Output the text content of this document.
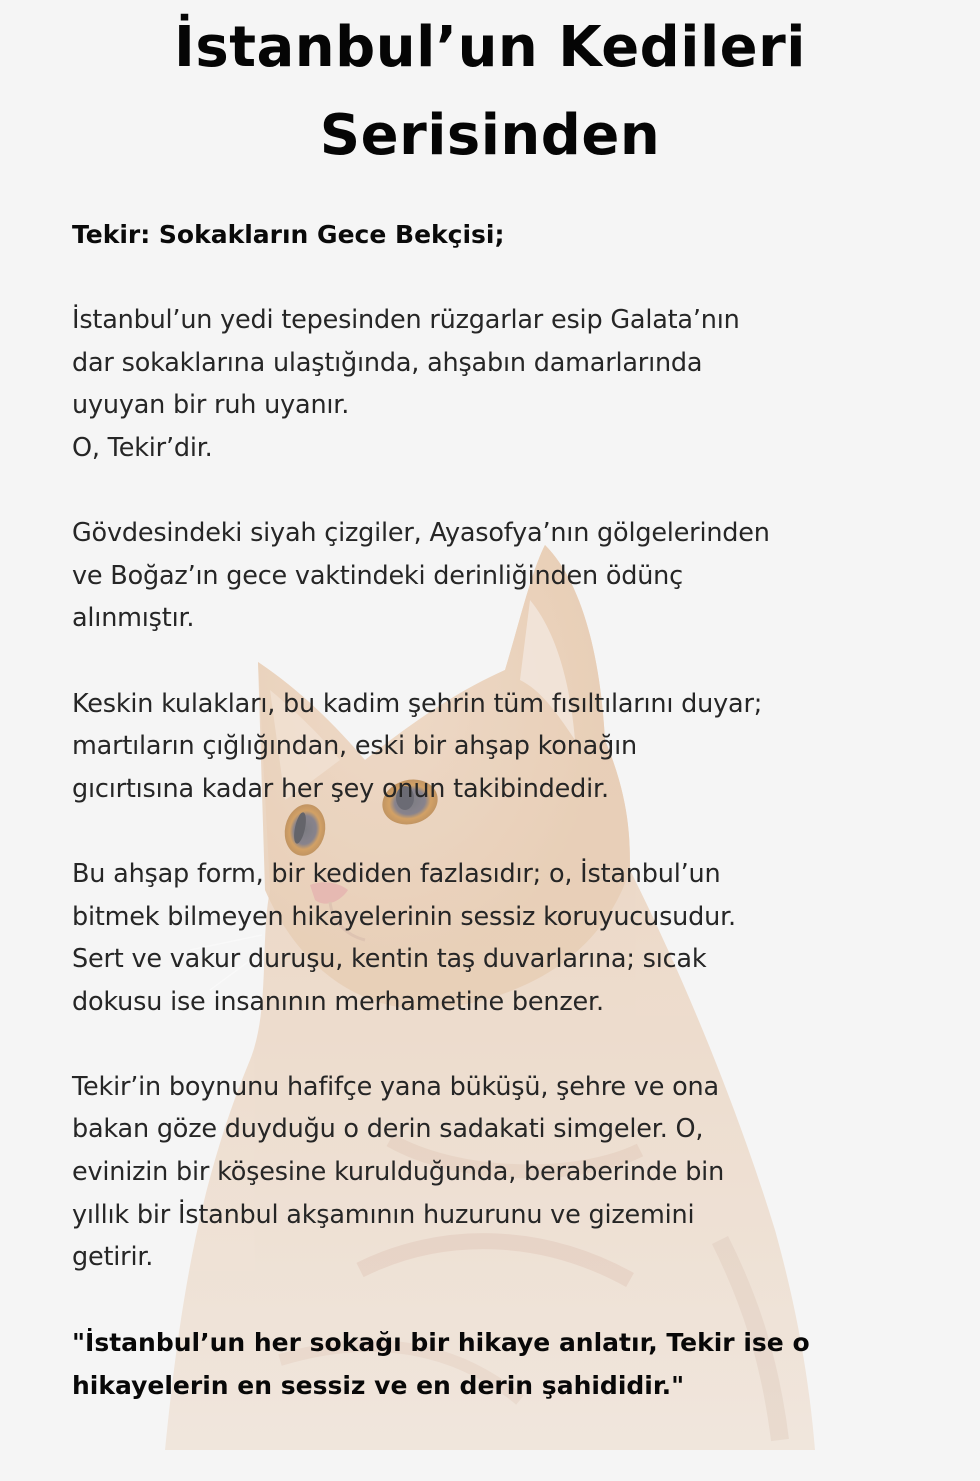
İstanbul’un Kedileri
Serisinden

Tekir: Sokakların Gece Bekçisi;

İstanbul’un yedi tepesinden rüzgarlar esip Galata’nın
dar sokaklarına ulaştığında, ahşabın damarlarında
uyuyan bir ruh uyanır.
O, Tekir’dir.

Gövdesindeki siyah çizgiler, Ayasofya’nın gölgelerinden
ve Boğaz’ın gece vaktindeki derinliğinden ödünç
alınmıştır.

Keskin kulakları, bu kadim şehrin tüm fısıltılarını duyar;
martıların çığlığından, eski bir ahşap konağın
gıcırtısına kadar her şey onun takibindedir.

Bu ahşap form, bir kediden fazlasıdır; o, İstanbul’un
bitmek bilmeyen hikayelerinin sessiz koruyucusudur.
Sert ve vakur duruşu, kentin taş duvarlarına; sıcak
dokusu ise insanının merhametine benzer.

Tekir’in boynunu hafifçe yana büküşü, şehre ve ona
bakan göze duyduğu o derin sadakati simgeler. O,
evinizin bir köşesine kurulduğunda, beraberinde bin
yıllık bir İstanbul akşamının huzurunu ve gizemini
getirir.

"İstanbul’un her sokağı bir hikaye anlatır, Tekir ise o
hikayelerin en sessiz ve en derin şahididir."
